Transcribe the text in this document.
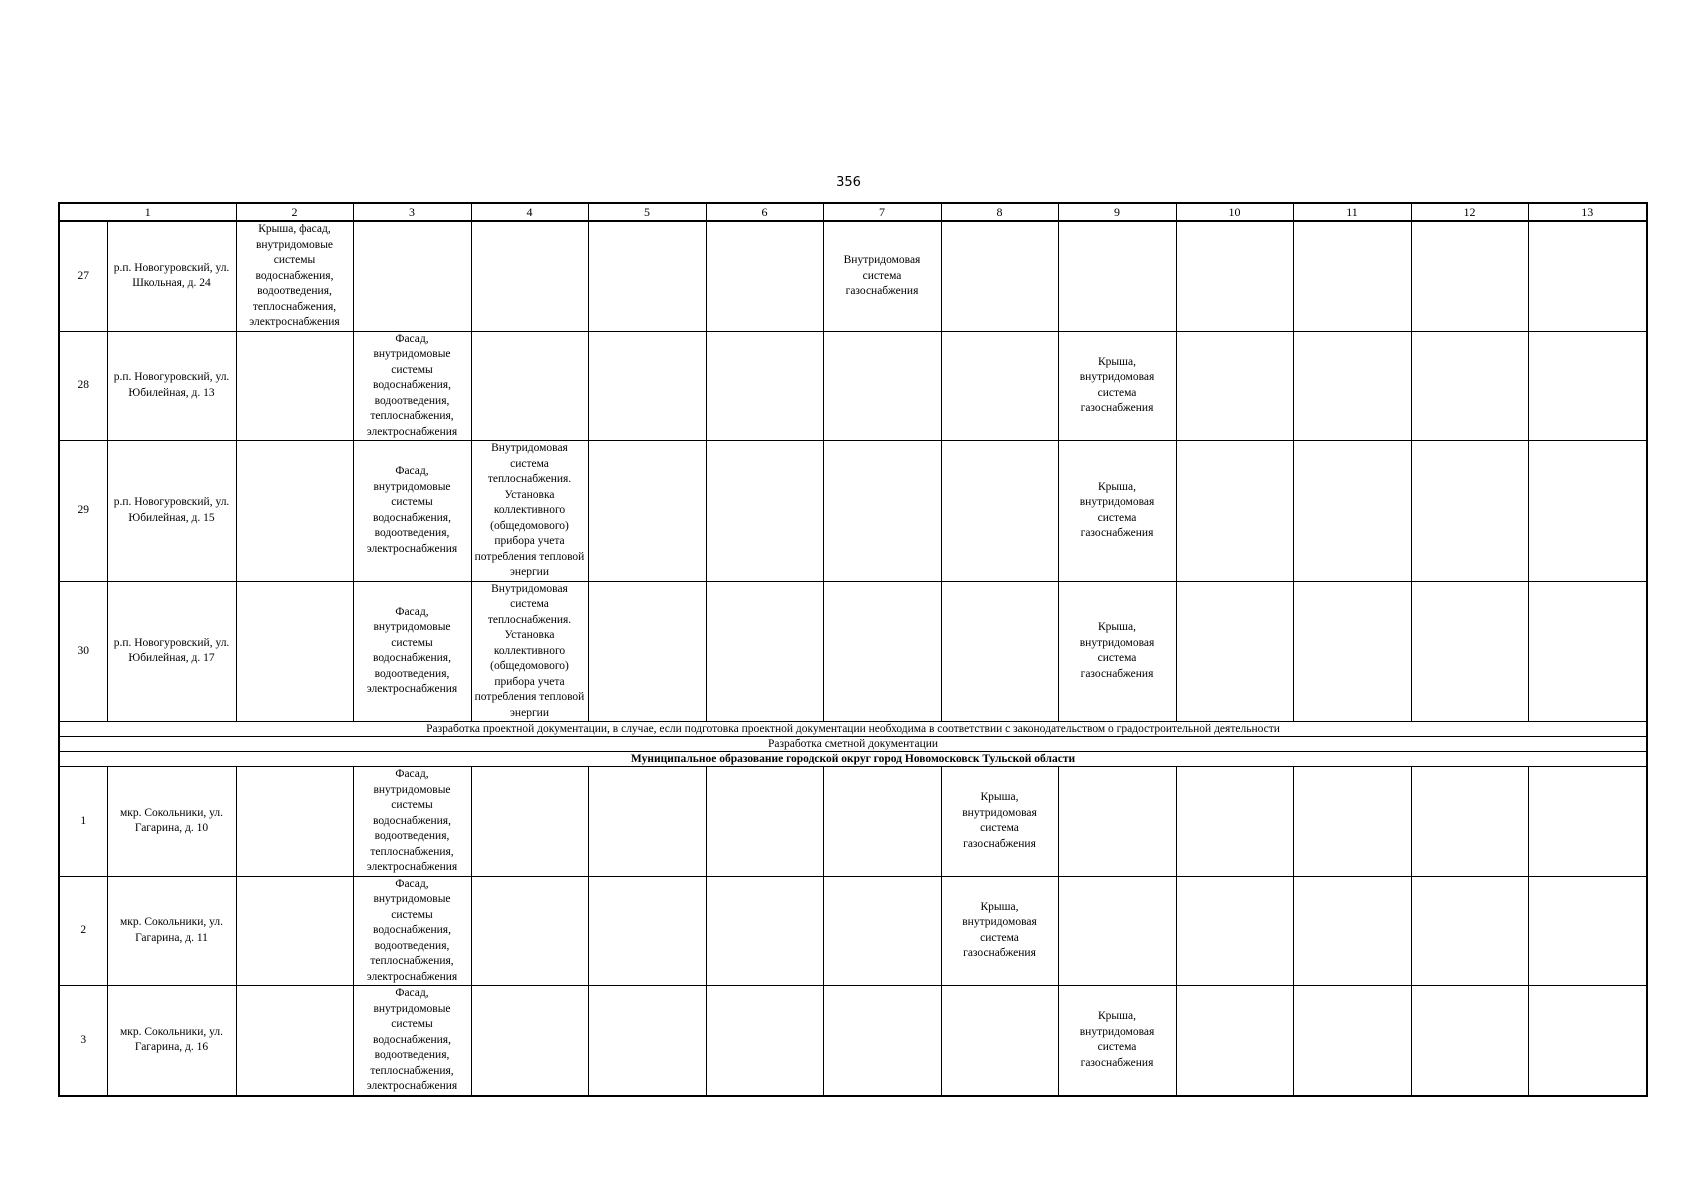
356
1		2	3	4	5	6	7	8	9	10	11	12	13
27	р.п. Новогуровский, ул. Школьная, д. 24	Крыша, фасад, внутридомовые системы водоснабжения, водоотведения, теплоснабжения, электроснабжения					Внутридомовая система газоснабжения						
28	р.п. Новогуровский, ул. Юбилейная, д. 13		Фасад, внутридомовые системы водоснабжения, водоотведения, теплоснабжения, электроснабжения						Крыша, внутридомовая система газоснабжения				
29	р.п. Новогуровский, ул. Юбилейная, д. 15		Фасад, внутридомовые системы водоснабжения, водоотведения, электроснабжения	Внутридомовая система теплоснабжения. Установка коллективного (общедомового) прибора учета потребления тепловой энергии					Крыша, внутридомовая система газоснабжения				
30	р.п. Новогуровский, ул. Юбилейная, д. 17		Фасад, внутридомовые системы водоснабжения, водоотведения, электроснабжения	Внутридомовая система теплоснабжения. Установка коллективного (общедомового) прибора учета потребления тепловой энергии					Крыша, внутридомовая система газоснабжения				
Разработка проектной документации, в случае, если подготовка проектной документации необходима в соответствии с законодательством о градостроительной деятельности													
Разработка сметной документации													
Муниципальное образование городской округ город Новомосковск Тульской области													
1	мкр. Сокольники, ул. Гагарина, д. 10		Фасад, внутридомовые системы водоснабжения, водоотведения, теплоснабжения, электроснабжения					Крыша, внутридомовая система газоснабжения					
2	мкр. Сокольники, ул. Гагарина, д. 11		Фасад, внутридомовые системы водоснабжения, водоотведения, теплоснабжения, электроснабжения					Крыша, внутридомовая система газоснабжения					
3	мкр. Сокольники, ул. Гагарина, д. 16		Фасад, внутридомовые системы водоснабжения, водоотведения, теплоснабжения, электроснабжения						Крыша, внутридомовая система газоснабжения				
